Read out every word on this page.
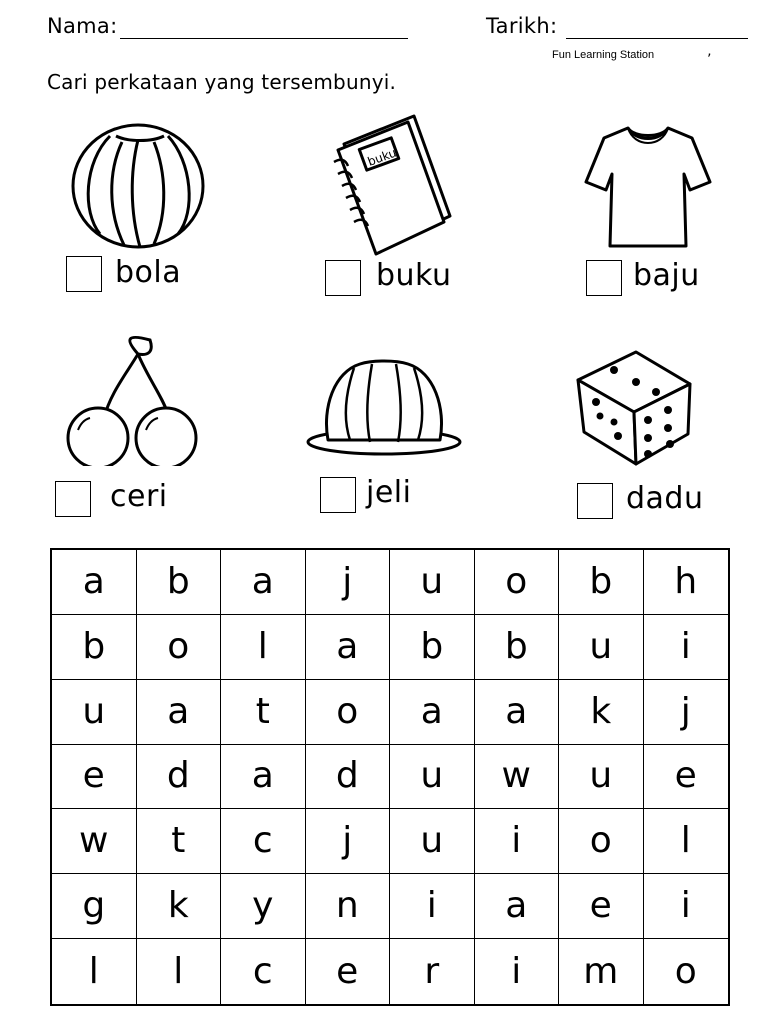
Nama:	Tarikh:
Fun Learning Station	’
Cari perkataan yang tersembunyi.
buku
bola	buku	baju
ceri	jeli	dadu
a	b	a	j	u	o	b	h
b	o	l	a	b	b	u	i
u	a	t	o	a	a	k	j
e	d	a	d	u	w	u	e
w	t	c	j	u	i	o	l
g	k	y	n	i	a	e	i
l	l	c	e	r	i	m	o
